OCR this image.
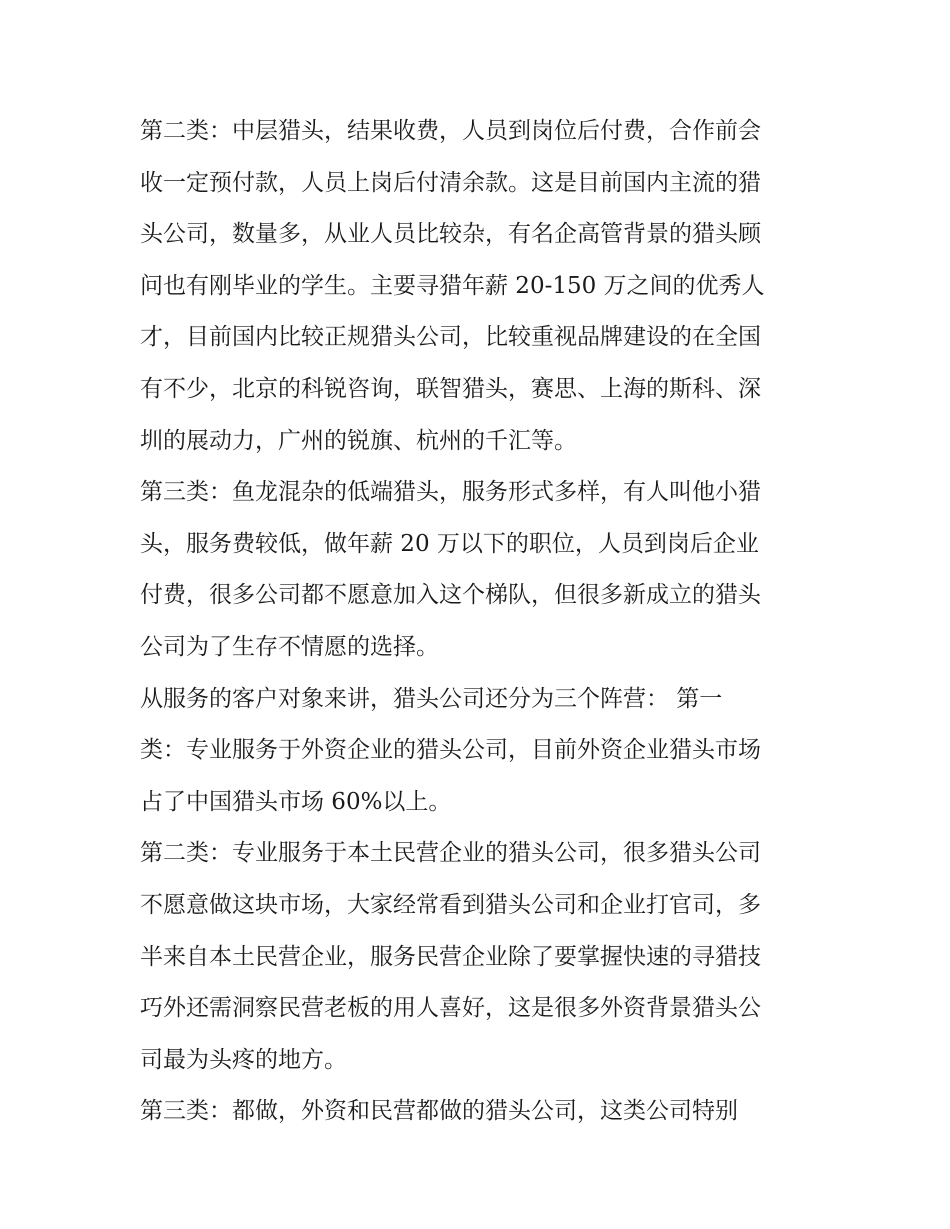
第二类：中层猎头，结果收费，人员到岗位后付费，合作前会
收一定预付款，人员上岗后付清余款。这是目前国内主流的猎
头公司，数量多，从业人员比较杂，有名企高管背景的猎头顾
问也有刚毕业的学生。主要寻猎年薪 20-150 万之间的优秀人
才，目前国内比较正规猎头公司，比较重视品牌建设的在全国
有不少，北京的科锐咨询，联智猎头，赛思、上海的斯科、深
圳的展动力，广州的锐旗、杭州的千汇等。
第三类：鱼龙混杂的低端猎头，服务形式多样，有人叫他小猎
头，服务费较低，做年薪 20 万以下的职位，人员到岗后企业
付费，很多公司都不愿意加入这个梯队，但很多新成立的猎头
公司为了生存不情愿的选择。
从服务的客户对象来讲，猎头公司还分为三个阵营： 第一
类：专业服务于外资企业的猎头公司，目前外资企业猎头市场
占了中国猎头市场 60%以上。
第二类：专业服务于本土民营企业的猎头公司，很多猎头公司
不愿意做这块市场，大家经常看到猎头公司和企业打官司，多
半来自本土民营企业，服务民营企业除了要掌握快速的寻猎技
巧外还需洞察民营老板的用人喜好，这是很多外资背景猎头公
司最为头疼的地方。
第三类：都做，外资和民营都做的猎头公司，这类公司特别
